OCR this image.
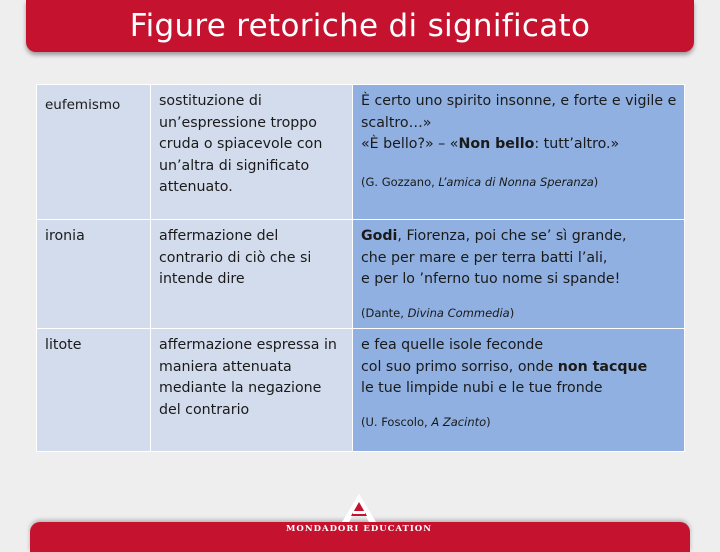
Figure retoriche di significato
eufemismo	sostituzione di un’espressione troppo cruda o spiacevole con un’altra di significato attenuato.	È certo uno spirito insonne, e forte e vigile e scaltro…»
«È bello?» – «Non bello: tutt’altro.»
(G. Gozzano, L’amica di Nonna Speranza)

ironia	affermazione del contrario di ciò che si intende dire	Godi, Fiorenza, poi che se’ sì grande,
che per mare e per terra batti l’ali,
e per lo ’nferno tuo nome si spande!
(Dante, Divina Commedia)

litote	affermazione espressa in maniera attenuata mediante la negazione del contrario	e fea quelle isole feconde
col suo primo sorriso, onde non tacque
le tue limpide nubi e le tue fronde
(U. Foscolo, A Zacinto)
MONDADORI EDUCATION
